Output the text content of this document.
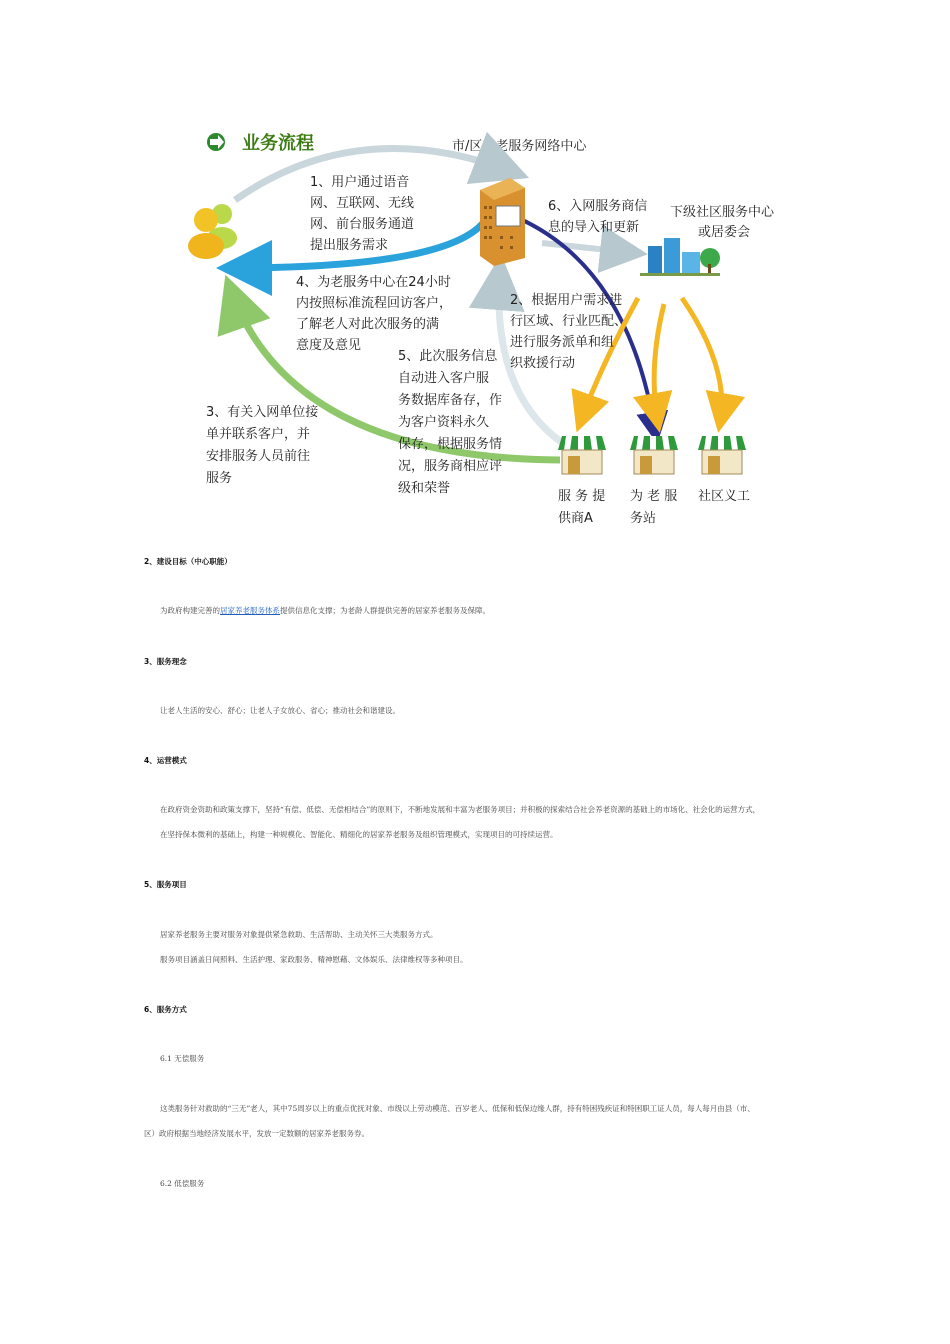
业务流程	市/区为老服务网络中心
下级社区服务中心
或居委会
1、用户通过语音
网、互联网、无线
网、前台服务通道
提出服务需求
6、入网服务商信
息的导入和更新
4、为老服务中心在24小时
内按照标准流程回访客户，
了解老人对此次服务的满
意度及意见
2、根据用户需求进
行区域、行业匹配、
进行服务派单和组
织救援行动
5、此次服务信息
自动进入客户服
务数据库备存，作
为客户资料永久
保存，根据服务情
况，服务商相应评
级和荣誉
3、有关入网单位接
单并联系客户，并
安排服务人员前往
服务
服 务 提
供商A
为 老 服
务站
社区义工

2、建设目标（中心职能）

为政府构建完善的居家养老服务体系提供信息化支撑；为老龄人群提供完善的居家养老服务及保障。

3、服务理念

让老人生活的安心、舒心；让老人子女放心、省心；推动社会和谐建设。

4、运营模式

在政府资金资助和政策支撑下，坚持“有偿、低偿、无偿相结合”的原则下，不断地发展和丰富为老服务项目；并积极的探索结合社会养老资源的基础上的市场化、社会化的运营方式，

在坚持保本微利的基础上，构建一种规模化、智能化、精细化的居家养老服务及组织管理模式，实现项目的可持续运营。

5、服务项目

居家养老服务主要对服务对象提供紧急救助、生活帮助、主动关怀三大类服务方式。

服务项目涵盖日间照料、生活护理、家政服务、精神慰藉、文体娱乐、法律维权等多种项目。

6、服务方式

6.1 无偿服务

这类服务针对救助的“三无”老人，其中75周岁以上的重点优抚对象、市级以上劳动模范、百岁老人、低保和低保边缘人群，持有特困残疾证和特困职工证人员，每人每月由县（市、

区）政府根据当地经济发展水平，发放一定数额的居家养老服务券。

6.2 低偿服务
